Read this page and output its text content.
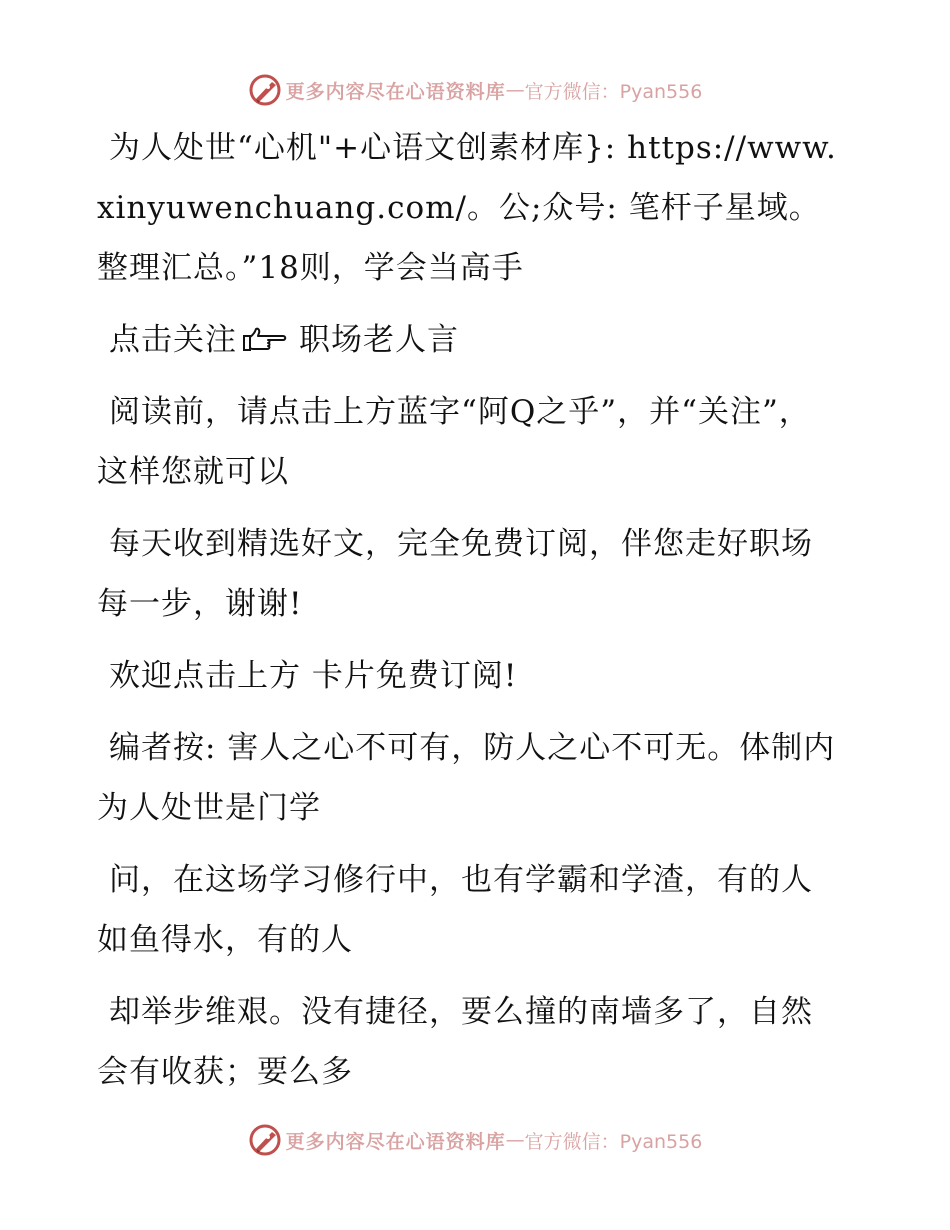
更多内容尽在心语资料库 — 官方微信：Pyan556

为人处世“心机"+心语文创素材库}: https://www.xinyuwenchuang.com/。公;众号: 笔杆子星域。整理汇总。”18则，学会当高手

点击关注 职场老人言

阅读前，请点击上方蓝字“阿Q之乎”，并“关注”，这样您就可以

每天收到精选好文，完全免费订阅，伴您走好职场每一步，谢谢!

欢迎点击上方 卡片免费订阅!

编者按: 害人之心不可有，防人之心不可无。体制内为人处世是门学

问，在这场学习修行中，也有学霸和学渣，有的人如鱼得水，有的人

却举步维艰。没有捷径，要么撞的南墙多了，自然会有收获；要么多

更多内容尽在心语资料库 — 官方微信：Pyan556
